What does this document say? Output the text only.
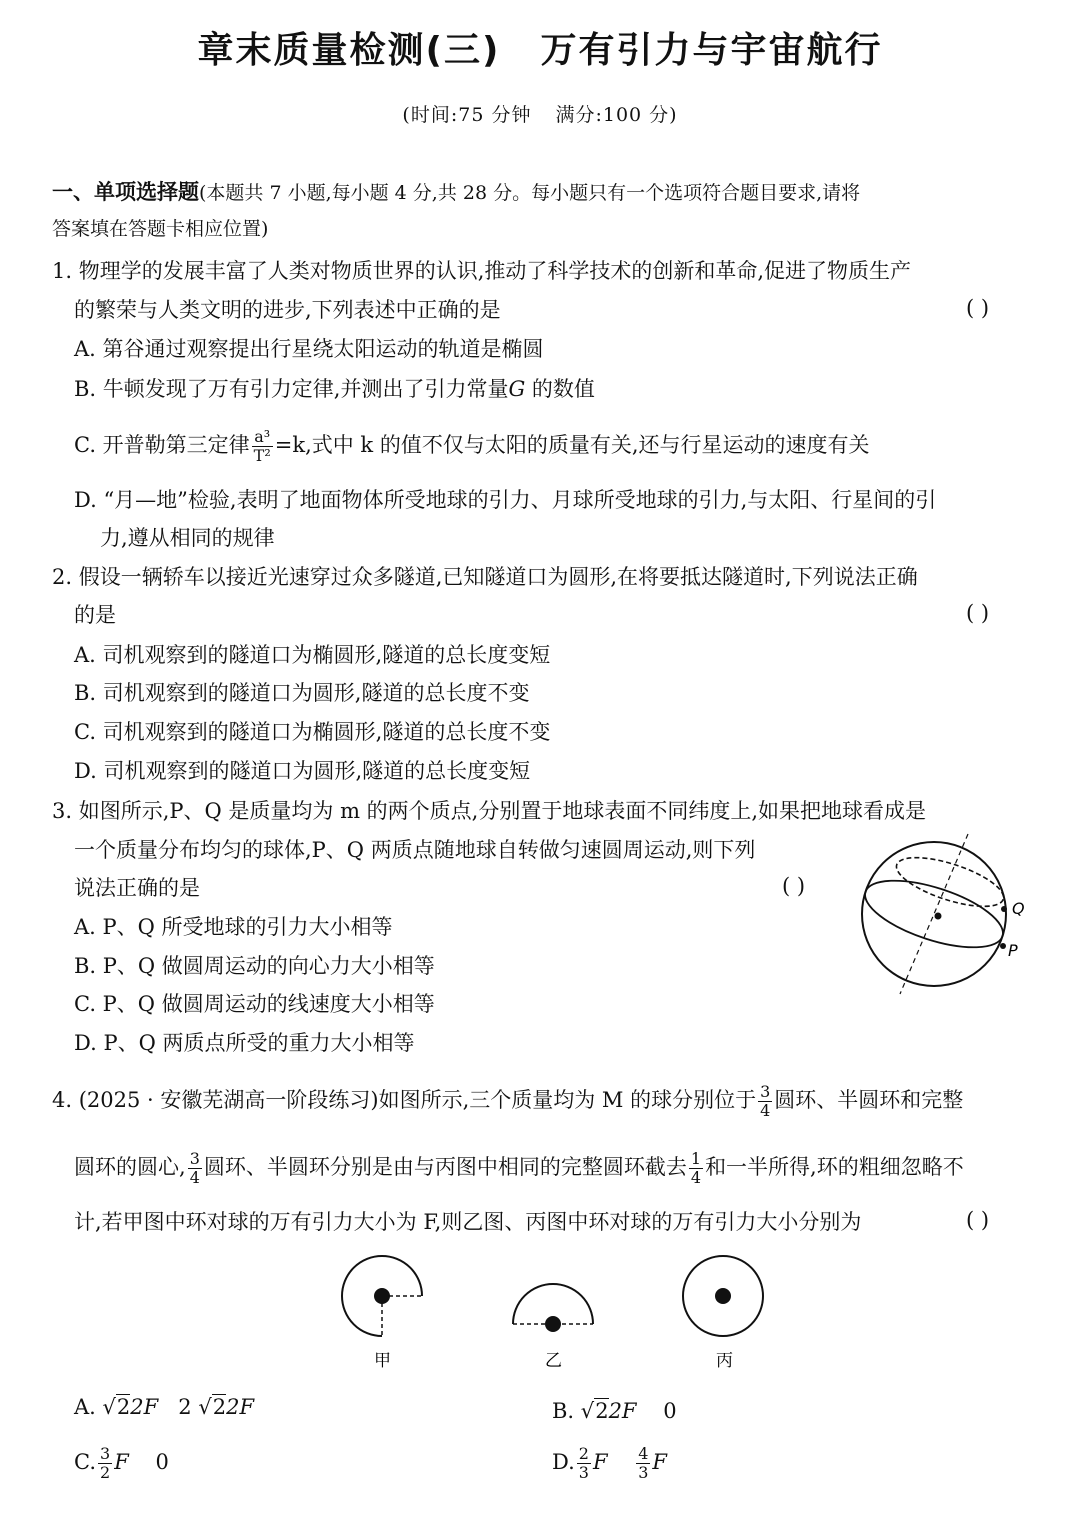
章末质量检测(三) 万有引力与宇宙航行
(时间:75 分钟 满分:100 分)
一、单项选择题(本题共 7 小题,每小题 4 分,共 28 分。每小题只有一个选项符合题目要求,请将
答案填在答题卡相应位置)
1. 物理学的发展丰富了人类对物质世界的认识,推动了科学技术的创新和革命,促进了物质生产
的繁荣与人类文明的进步,下列表述中正确的是	( )
A. 第谷通过观察提出行星绕太阳运动的轨道是椭圆
B. 牛顿发现了万有引力定律,并测出了引力常量G 的数值
C. 开普勒第三定律 $\frac{\text{a³}}{\text{T²}} =k$,式中 k 的值不仅与太阳的质量有关,还与行星运动的速度有关
D. “月—地”检验,表明了地面物体所受地球的引力、月球所受地球的引力,与太阳、行星间的引
力,遵从相同的规律
2. 假设一辆轿车以接近光速穿过众多隧道,已知隧道口为圆形,在将要抵达隧道时,下列说法正确
的是	( )
A. 司机观察到的隧道口为椭圆形,隧道的总长度变短
B. 司机观察到的隧道口为圆形,隧道的总长度不变
C. 司机观察到的隧道口为椭圆形,隧道的总长度不变
D. 司机观察到的隧道口为圆形,隧道的总长度变短
3. 如图所示,P、Q 是质量均为 m 的两个质点,分别置于地球表面不同纬度上,如果把地球看成是
一个质量分布均匀的球体,P、Q 两质点随地球自转做匀速圆周运动,则下列
说法正确的是	( )
A. P、Q 所受地球的引力大小相等
B. P、Q 做圆周运动的向心力大小相等
C. P、Q 做圆周运动的线速度大小相等
D. P、Q 两质点所受的重力大小相等
Q
P
4. (2025 · 安徽芜湖高一阶段练习)如图所示,三个质量均为 M 的球分别位于 $\frac{3}{4}$ 圆环、半圆环和完整
圆环的圆心, $\frac{3}{4}$ 圆环、半圆环分别是由与丙图中相同的完整圆环截去 $\frac{1}{4}$ 和一半所得,环的粗细忽略不
计,若甲图中环对球的万有引力大小为 F,则乙图、丙图中环对球的万有引力大小分别为	( )
甲	乙	丙
A. √22F 2 √22F	B. √22F 0
C. $\frac{3}{2}$ F 0	D. $\frac{2}{3}$ F $\frac{4}{3}$ F
